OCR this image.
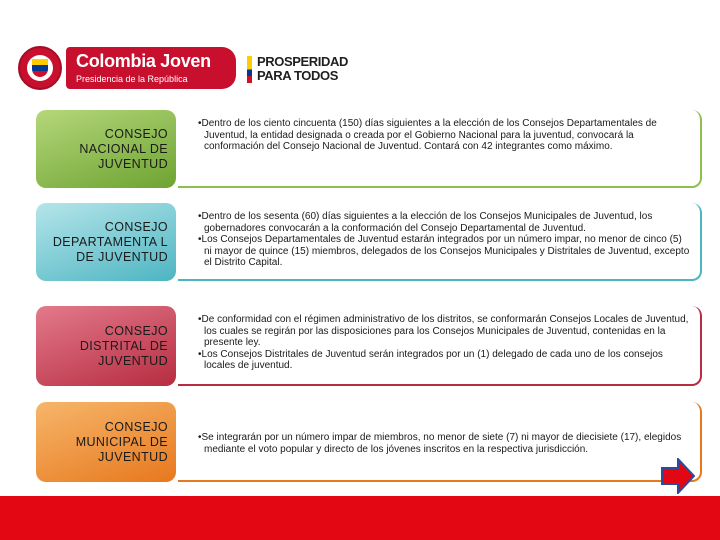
Colombia Joven
Presidencia de la República
PROSPERIDAD
PARA TODOS
CONSEJO NACIONAL DE JUVENTUD
• Dentro de los ciento cincuenta (150) días siguientes a la elección de los Consejos Departamentales de Juventud, la entidad designada o creada por el Gobierno Nacional para la juventud, convocará la conformación del Consejo Nacional de Juventud. Contará con 42 integrantes como máximo.
CONSEJO DEPARTAMENTA L DE JUVENTUD
• Dentro de los sesenta (60) días siguientes a la elección de los Consejos Municipales de Juventud, los gobernadores convocarán a la conformación del Consejo Departamental de Juventud.
• Los Consejos Departamentales de Juventud estarán integrados por un número impar, no menor de cinco (5) ni mayor de quince (15) miembros, delegados de los Consejos Municipales y Distritales de Juventud, excepto el Distrito Capital.
CONSEJO DISTRITAL DE JUVENTUD
• De conformidad con el régimen administrativo de los distritos, se conformarán Consejos Locales de Juventud, los cuales se regirán por las disposiciones para los Consejos Municipales de Juventud, contenidas en la presente ley.
• Los Consejos Distritales de Juventud serán integrados por un (1) delegado de cada uno de los consejos locales de juventud.
CONSEJO MUNICIPAL DE JUVENTUD
• Se integrarán por un número impar de miembros, no menor de siete (7) ni mayor de diecisiete (17), elegidos mediante el voto popular y directo de los jóvenes inscritos en la respectiva jurisdicción.
